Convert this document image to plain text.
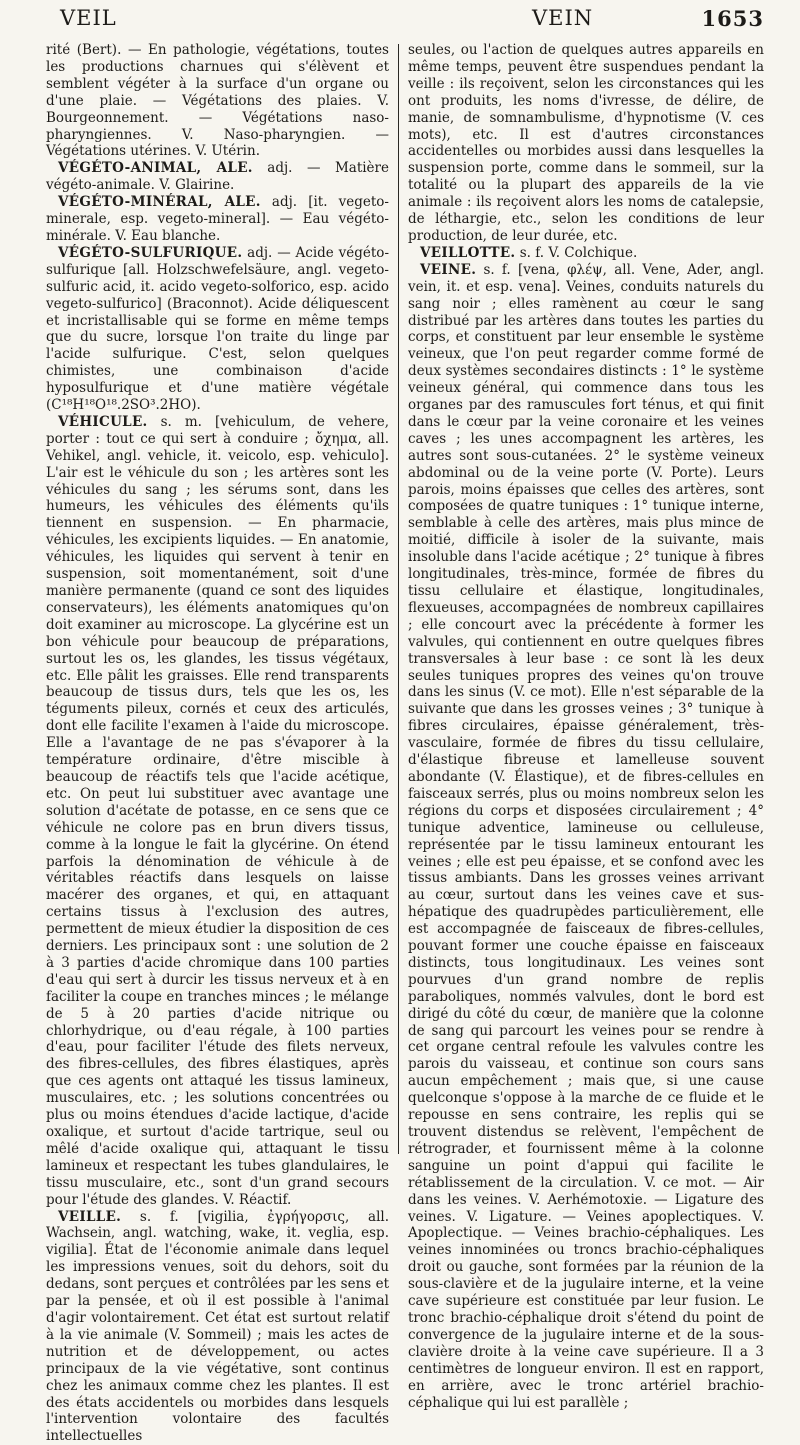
VEIL	VEIN	1653

rité (Bert). — En pathologie, végétations, toutes les productions charnues qui s'élèvent et semblent végéter à la surface d'un organe ou d'une plaie. — Végétations des plaies. V. Bourgeonnement. — Végétations naso-pharyngiennes. V. Naso-pharyngien. — Végétations utérines. V. Utérin.

VÉGÉTO-ANIMAL, ALE. adj. — Matière végéto-animale. V. Glairine.

VÉGÉTO-MINÉRAL, ALE. adj. [it. vegeto-minerale, esp. vegeto-mineral]. — Eau végéto-minérale. V. Eau blanche.

VÉGÉTO-SULFURIQUE. adj. — Acide végéto-sulfurique [all. Holzschwefelsäure, angl. vegeto-sulfuric acid, it. acido vegeto-solforico, esp. acido vegeto-sulfurico] (Braconnot). Acide déliquescent et incristallisable qui se forme en même temps que du sucre, lorsque l'on traite du linge par l'acide sulfurique. C'est, selon quelques chimistes, une combinaison d'acide hyposulfurique et d'une matière végétale (C¹⁸H¹⁸O¹⁸.2SO³.2HO).

VÉHICULE. s. m. [vehiculum, de vehere, porter : tout ce qui sert à conduire ; ὄχημα, all. Vehikel, angl. vehicle, it. veicolo, esp. vehiculo]. L'air est le véhicule du son ; les artères sont les véhicules du sang ; les sérums sont, dans les humeurs, les véhicules des éléments qu'ils tiennent en suspension. — En pharmacie, véhicules, les excipients liquides. — En anatomie, véhicules, les liquides qui servent à tenir en suspension, soit momentanément, soit d'une manière permanente (quand ce sont des liquides conservateurs), les éléments anatomiques qu'on doit examiner au microscope. La glycérine est un bon véhicule pour beaucoup de préparations, surtout les os, les glandes, les tissus végétaux, etc. Elle pâlit les graisses. Elle rend transparents beaucoup de tissus durs, tels que les os, les téguments pileux, cornés et ceux des articulés, dont elle facilite l'examen à l'aide du microscope. Elle a l'avantage de ne pas s'évaporer à la température ordinaire, d'être miscible à beaucoup de réactifs tels que l'acide acétique, etc. On peut lui substituer avec avantage une solution d'acétate de potasse, en ce sens que ce véhicule ne colore pas en brun divers tissus, comme à la longue le fait la glycérine. On étend parfois la dénomination de véhicule à de véritables réactifs dans lesquels on laisse macérer des organes, et qui, en attaquant certains tissus à l'exclusion des autres, permettent de mieux étudier la disposition de ces derniers. Les principaux sont : une solution de 2 à 3 parties d'acide chromique dans 100 parties d'eau qui sert à durcir les tissus nerveux et à en faciliter la coupe en tranches minces ; le mélange de 5 à 20 parties d'acide nitrique ou chlorhydrique, ou d'eau régale, à 100 parties d'eau, pour faciliter l'étude des filets nerveux, des fibres-cellules, des fibres élastiques, après que ces agents ont attaqué les tissus lamineux, musculaires, etc. ; les solutions concentrées ou plus ou moins étendues d'acide lactique, d'acide oxalique, et surtout d'acide tartrique, seul ou mêlé d'acide oxalique qui, attaquant le tissu lamineux et respectant les tubes glandulaires, le tissu musculaire, etc., sont d'un grand secours pour l'étude des glandes. V. Réactif.

VEILLE. s. f. [vigilia, ἐγρήγορσις, all. Wachsein, angl. watching, wake, it. veglia, esp. vigilia]. État de l'économie animale dans lequel les impressions venues, soit du dehors, soit du dedans, sont perçues et contrôlées par les sens et par la pensée, et où il est possible à l'animal d'agir volontairement. Cet état est surtout relatif à la vie animale (V. Sommeil) ; mais les actes de nutrition et de développement, ou actes principaux de la vie végétative, sont continus chez les animaux comme chez les plantes. Il est des états accidentels ou morbides dans lesquels l'intervention volontaire des facultés intellectuelles

seules, ou l'action de quelques autres appareils en même temps, peuvent être suspendues pendant la veille : ils reçoivent, selon les circonstances qui les ont produits, les noms d'ivresse, de délire, de manie, de somnambulisme, d'hypnotisme (V. ces mots), etc. Il est d'autres circonstances accidentelles ou morbides aussi dans lesquelles la suspension porte, comme dans le sommeil, sur la totalité ou la plupart des appareils de la vie animale : ils reçoivent alors les noms de catalepsie, de léthargie, etc., selon les conditions de leur production, de leur durée, etc.

VEILLOTTE. s. f. V. Colchique.

VEINE. s. f. [vena, φλέψ, all. Vene, Ader, angl. vein, it. et esp. vena]. Veines, conduits naturels du sang noir ; elles ramènent au cœur le sang distribué par les artères dans toutes les parties du corps, et constituent par leur ensemble le système veineux, que l'on peut regarder comme formé de deux systèmes secondaires distincts : 1° le système veineux général, qui commence dans tous les organes par des ramuscules fort ténus, et qui finit dans le cœur par la veine coronaire et les veines caves ; les unes accompagnent les artères, les autres sont sous-cutanées. 2° le système veineux abdominal ou de la veine porte (V. Porte). Leurs parois, moins épaisses que celles des artères, sont composées de quatre tuniques : 1° tunique interne, semblable à celle des artères, mais plus mince de moitié, difficile à isoler de la suivante, mais insoluble dans l'acide acétique ; 2° tunique à fibres longitudinales, très-mince, formée de fibres du tissu cellulaire et élastique, longitudinales, flexueuses, accompagnées de nombreux capillaires ; elle concourt avec la précédente à former les valvules, qui contiennent en outre quelques fibres transversales à leur base : ce sont là les deux seules tuniques propres des veines qu'on trouve dans les sinus (V. ce mot). Elle n'est séparable de la suivante que dans les grosses veines ; 3° tunique à fibres circulaires, épaisse généralement, très-vasculaire, formée de fibres du tissu cellulaire, d'élastique fibreuse et lamelleuse souvent abondante (V. Élastique), et de fibres-cellules en faisceaux serrés, plus ou moins nombreux selon les régions du corps et disposées circulairement ; 4° tunique adventice, lamineuse ou celluleuse, représentée par le tissu lamineux entourant les veines ; elle est peu épaisse, et se confond avec les tissus ambiants. Dans les grosses veines arrivant au cœur, surtout dans les veines cave et sus-hépatique des quadrupèdes particulièrement, elle est accompagnée de faisceaux de fibres-cellules, pouvant former une couche épaisse en faisceaux distincts, tous longitudinaux. Les veines sont pourvues d'un grand nombre de replis paraboliques, nommés valvules, dont le bord est dirigé du côté du cœur, de manière que la colonne de sang qui parcourt les veines pour se rendre à cet organe central refoule les valvules contre les parois du vaisseau, et continue son cours sans aucun empêchement ; mais que, si une cause quelconque s'oppose à la marche de ce fluide et le repousse en sens contraire, les replis qui se trouvent distendus se relèvent, l'empêchent de rétrograder, et fournissent même à la colonne sanguine un point d'appui qui facilite le rétablissement de la circulation. V. ce mot. — Air dans les veines. V. Aerhémotoxie. — Ligature des veines. V. Ligature. — Veines apoplectiques. V. Apoplectique. — Veines brachio-céphaliques. Les veines innominées ou troncs brachio-céphaliques droit ou gauche, sont formées par la réunion de la sous-clavière et de la jugulaire interne, et la veine cave supérieure est constituée par leur fusion. Le tronc brachio-céphalique droit s'étend du point de convergence de la jugulaire interne et de la sous-clavière droite à la veine cave supérieure. Il a 3 centimètres de longueur environ. Il est en rapport, en arrière, avec le tronc artériel brachio-céphalique qui lui est parallèle ;
